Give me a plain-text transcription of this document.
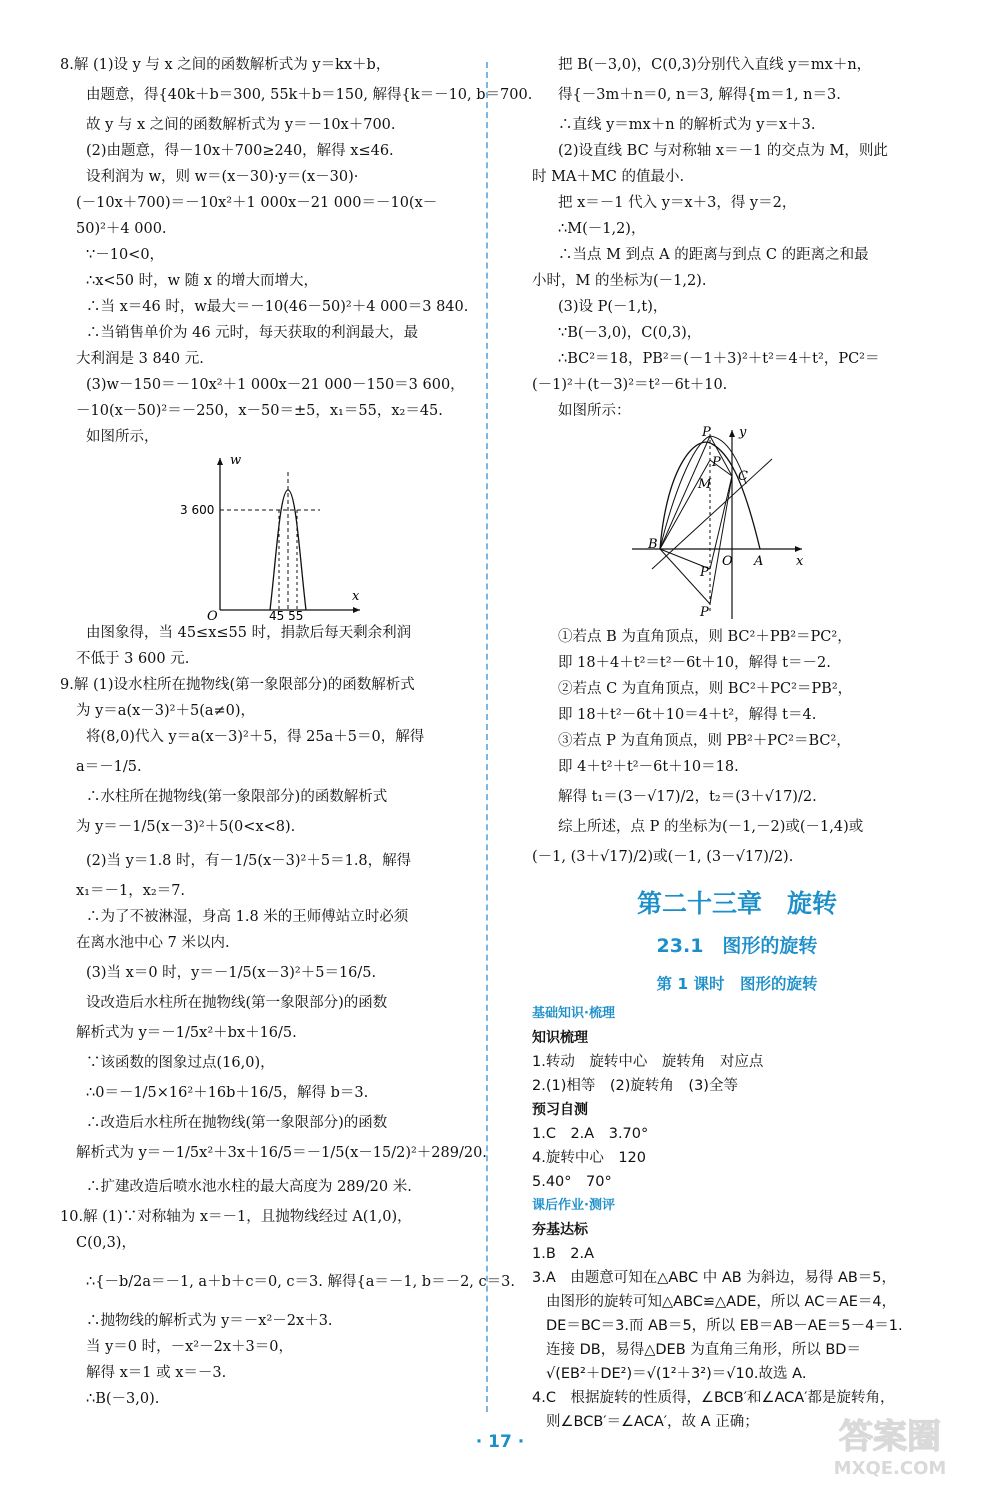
8.解 (1)设 y 与 x 之间的函数解析式为 y＝kx＋b，
由题意，得{40k＋b＝300, 55k＋b＝150, 解得{k＝－10, b＝700.
故 y 与 x 之间的函数解析式为 y＝－10x＋700.
(2)由题意，得－10x＋700≥240，解得 x≤46.
设利润为 w，则 w＝(x－30)·y＝(x－30)·
(－10x＋700)＝－10x²＋1 000x－21 000＝－10(x－
50)²＋4 000.
∵－10<0，
∴x<50 时，w 随 x 的增大而增大，
∴当 x＝46 时，w最大＝－10(46－50)²＋4 000＝3 840.
∴当销售单价为 46 元时，每天获取的利润最大，最
大利润是 3 840 元.
(3)w－150＝－10x²＋1 000x－21 000－150＝3 600，
－10(x－50)²＝－250，x－50＝±5，x₁＝55，x₂＝45.
如图所示，
w
x
O
3 600
45 55
由图象得，当 45≤x≤55 时，捐款后每天剩余利润
不低于 3 600 元.
9.解 (1)设水柱所在抛物线(第一象限部分)的函数解析式
为 y＝a(x－3)²＋5(a≠0)，
将(8,0)代入 y＝a(x－3)²＋5，得 25a＋5＝0，解得
a＝－1/5.
∴水柱所在抛物线(第一象限部分)的函数解析式
为 y＝－1/5(x－3)²＋5(0<x<8).
(2)当 y＝1.8 时，有－1/5(x－3)²＋5＝1.8，解得
x₁＝－1，x₂＝7.
∴为了不被淋湿，身高 1.8 米的王师傅站立时必须
在离水池中心 7 米以内.
(3)当 x＝0 时，y＝－1/5(x－3)²＋5＝16/5.
设改造后水柱所在抛物线(第一象限部分)的函数
解析式为 y＝－1/5x²＋bx＋16/5.
∵该函数的图象过点(16,0)，
∴0＝－1/5×16²＋16b＋16/5，解得 b＝3.
∴改造后水柱所在抛物线(第一象限部分)的函数
解析式为 y＝－1/5x²＋3x＋16/5＝－1/5(x－15/2)²＋289/20.
∴扩建改造后喷水池水柱的最大高度为 289/20 米.
10.解 (1)∵对称轴为 x＝－1，且抛物线经过 A(1,0)，
C(0,3)，
∴{－b/2a＝－1, a＋b＋c＝0, c＝3. 解得{a＝－1, b＝－2, c＝3.
∴抛物线的解析式为 y＝－x²－2x＋3.
当 y＝0 时，－x²－2x＋3＝0，
解得 x＝1 或 x＝－3.
∴B(－3,0).
把 B(－3,0)，C(0,3)分别代入直线 y＝mx＋n，
得{－3m＋n＝0, n＝3, 解得{m＝1, n＝3.
∴直线 y＝mx＋n 的解析式为 y＝x＋3.
(2)设直线 BC 与对称轴 x＝－1 的交点为 M，则此
时 MA＋MC 的值最小.
把 x＝－1 代入 y＝x＋3，得 y＝2，
∴M(－1,2)，
∴当点 M 到点 A 的距离与到点 C 的距离之和最
小时，M 的坐标为(－1,2).
(3)设 P(－1,t)，
∵B(－3,0)，C(0,3)，
∴BC²＝18，PB²＝(－1＋3)²＋t²＝4＋t²，PC²＝
(－1)²＋(t－3)²＝t²－6t＋10.
如图所示：
P
P
M
C
B
O A
P
P
x
y
①若点 B 为直角顶点，则 BC²＋PB²＝PC²，
即 18＋4＋t²＝t²－6t＋10，解得 t＝－2.
②若点 C 为直角顶点，则 BC²＋PC²＝PB²，
即 18＋t²－6t＋10＝4＋t²，解得 t＝4.
③若点 P 为直角顶点，则 PB²＋PC²＝BC²，
即 4＋t²＋t²－6t＋10＝18.
解得 t₁＝(3－√17)/2，t₂＝(3＋√17)/2.
综上所述，点 P 的坐标为(－1,－2)或(－1,4)或
(－1, (3＋√17)/2)或(－1, (3－√17)/2).
第二十三章　旋转
23.1　图形的旋转
第 1 课时　图形的旋转
基础知识·梳理
知识梳理
1.转动　旋转中心　旋转角　对应点
2.(1)相等　(2)旋转角　(3)全等
预习自测
1.C　2.A　3.70°
4.旋转中心　120
5.40°　70°
课后作业·测评
夯基达标
1.B　2.A
3.A　由题意可知在△ABC 中 AB 为斜边，易得 AB＝5，
由图形的旋转可知△ABC≌△ADE，所以 AC＝AE＝4，
DE＝BC＝3.而 AB＝5，所以 EB＝AB－AE＝5－4＝1.
连接 DB，易得△DEB 为直角三角形，所以 BD＝
√(EB²＋DE²)＝√(1²＋3²)＝√10.故选 A.
4.C　根据旋转的性质得，∠BCB′和∠ACA′都是旋转角，
则∠BCB′＝∠ACA′，故 A 正确；
· 17 ·	答案圈
MXQE.COM
